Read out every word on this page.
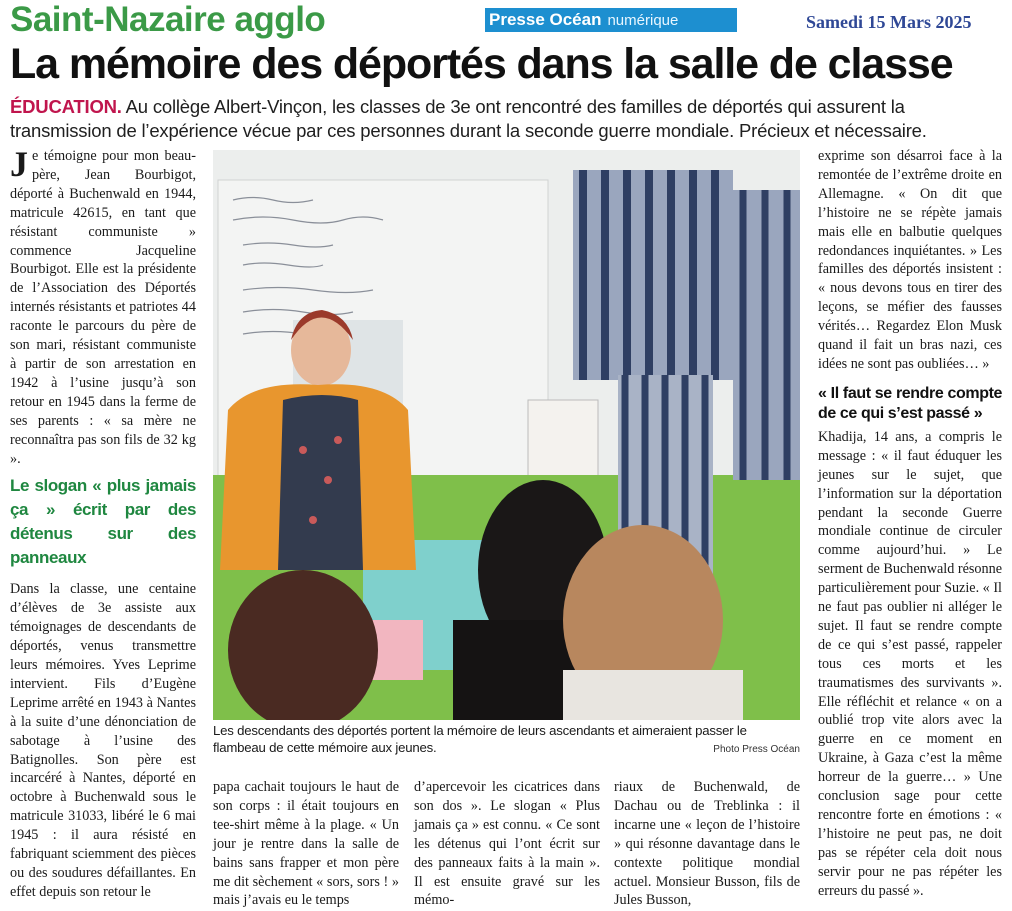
Saint-Nazaire agglo	Presse Océan numérique	Samedi 15 Mars 2025
La mémoire des déportés dans la salle de classe
ÉDUCATION. Au collège Albert-Vinçon, les classes de 3e ont rencontré des familles de déportés qui assurent la transmission de l’expérience vécue par ces personnes durant la seconde guerre mondiale. Précieux et nécessaire.

Je témoigne pour mon beau-père, Jean Bourbigot, déporté à Buchenwald en 1944, matricule 42615, en tant que résistant communiste » commence Jacqueline Bourbigot. Elle est la présidente de l’Association des Déportés internés résistants et patriotes 44 raconte le parcours du père de son mari, résistant communiste à partir de son arrestation en 1942 à l’usine jusqu’à son retour en 1945 dans la ferme de ses parents : « sa mère ne reconnaîtra pas son fils de 32 kg ».

Le slogan « plus jamais ça » écrit par des détenus sur des panneaux

Dans la classe, une centaine d’élèves de 3e assiste aux témoignages de descendants de déportés, venus transmettre leurs mémoires. Yves Leprime intervient. Fils d’Eugène Leprime arrêté en 1943 à Nantes à la suite d’une dénonciation de sabotage à l’usine des Batignolles. Son père est incarcéré à Nantes, déporté en octobre à Buchenwald sous le matricule 31033, libéré le 6 mai 1945 : il aura résisté en fabriquant sciemment des pièces ou des soudures défaillantes. En effet depuis son retour le

Les descendants des déportés portent la mémoire de leurs ascendants et aimeraient passer le flambeau de cette mémoire aux jeunes.	Photo Press Océan
papa cachait toujours le haut de son corps : il était toujours en tee-shirt même à la plage. « Un jour je rentre dans la salle de bains sans frapper et mon père me dit sèchement « sors, sors ! » mais j’avais eu le temps
d’apercevoir les cicatrices dans son dos ». Le slogan « Plus jamais ça » est connu. « Ce sont les détenus qui l’ont écrit sur des panneaux faits à la main ». Il est ensuite gravé sur les mémo-
riaux de Buchenwald, de Dachau ou de Treblinka : il incarne une « leçon de l’histoire » qui résonne davantage dans le contexte politique mondial actuel. Monsieur Busson, fils de Jules Busson,

exprime son désarroi face à la remontée de l’extrême droite en Allemagne. « On dit que l’histoire ne se répète jamais mais elle en balbutie quelques redondances inquiétantes. » Les familles des déportés insistent : « nous devons tous en tirer des leçons, se méfier des fausses vérités… Regardez Elon Musk quand il fait un bras nazi, ces idées ne sont pas oubliées… »

« Il faut se rendre compte de ce qui s’est passé »

Khadija, 14 ans, a compris le message : « il faut éduquer les jeunes sur le sujet, que l’information sur la déportation pendant la seconde Guerre mondiale continue de circuler comme aujourd’hui. » Le serment de Buchenwald résonne particulièrement pour Suzie. « Il ne faut pas oublier ni alléger le sujet. Il faut se rendre compte de ce qui s’est passé, rappeler tous ces morts et les traumatismes des survivants ». Elle réfléchit et relance « on a oublié trop vite alors avec la guerre en ce moment en Ukraine, à Gaza c’est la même horreur de la guerre… » Une conclusion sage pour cette rencontre forte en émotions : « l’histoire ne peut pas, ne doit pas se répéter cela doit nous servir pour ne pas répéter les erreurs du passé ».
